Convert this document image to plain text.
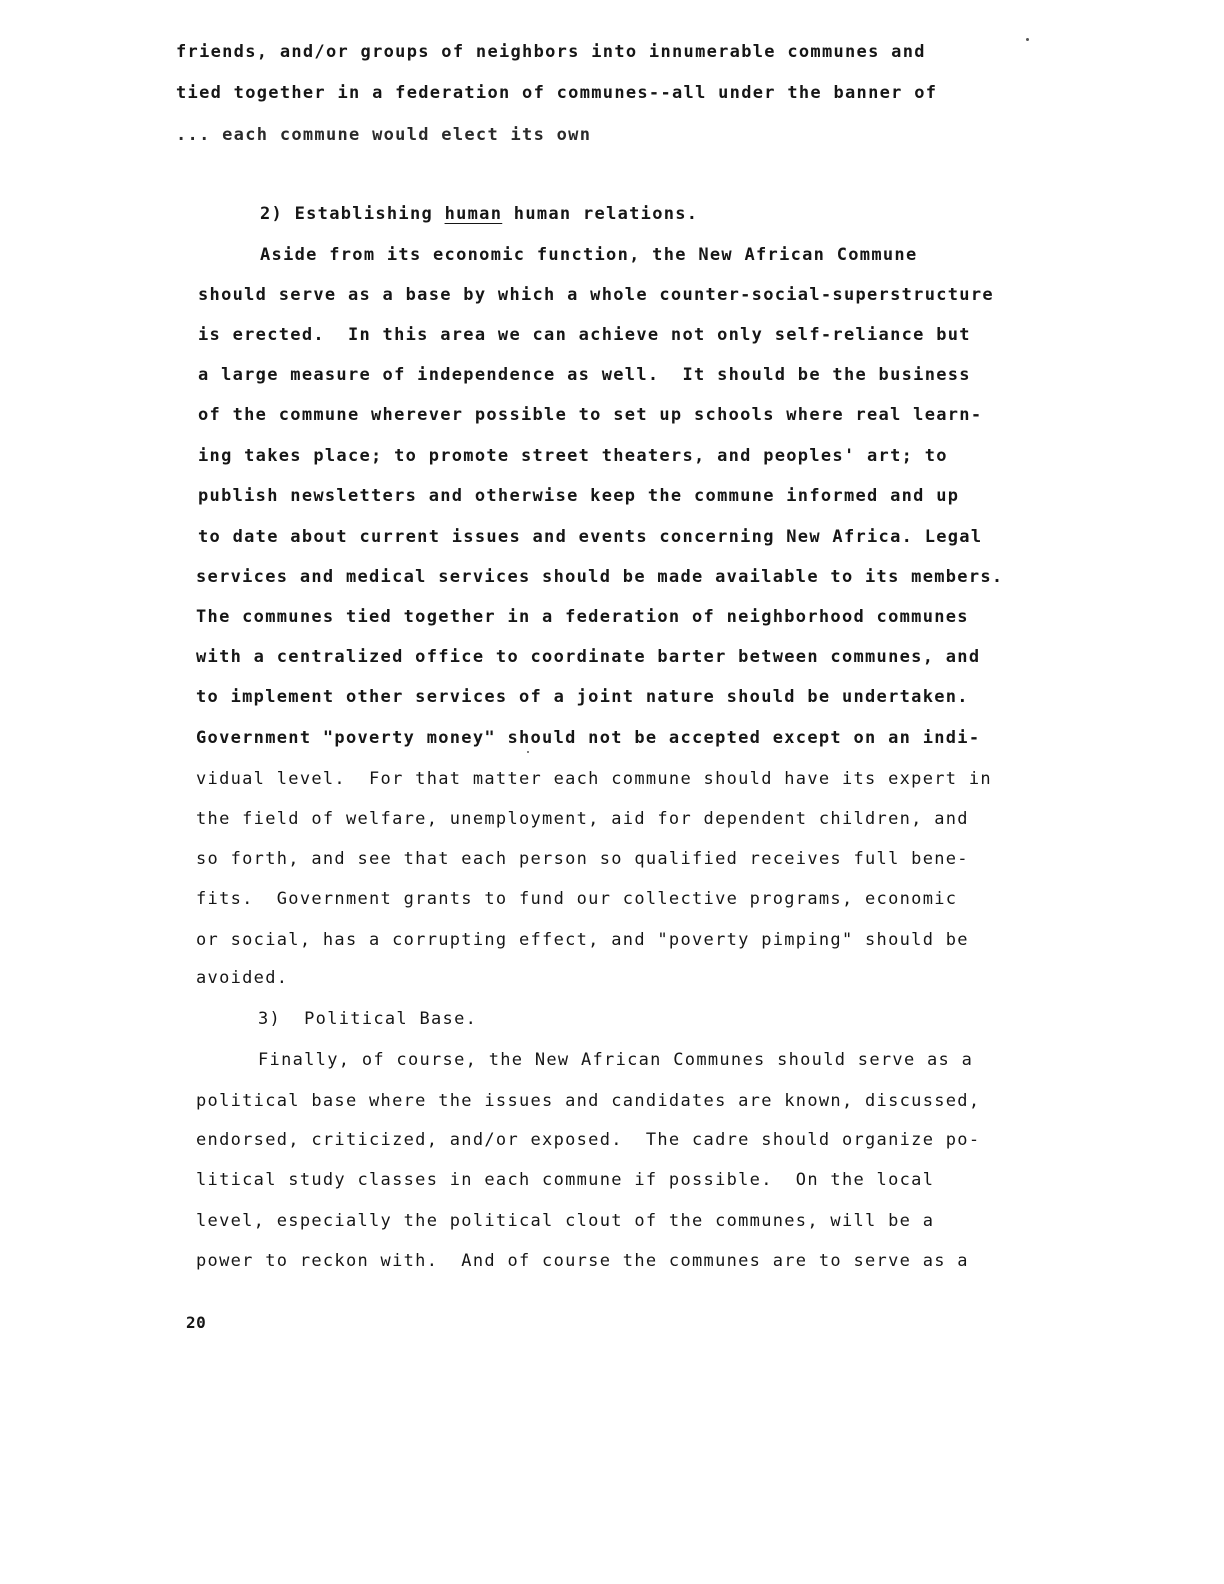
friends, and/or groups of neighbors into innumerable communes and
tied together in a federation of communes--all under the banner of
... each commune would elect its own
2) Establishing human human relations.
Aside from its economic function, the New African Commune
should serve as a base by which a whole counter-social-superstructure
is erected.  In this area we can achieve not only self-reliance but
a large measure of independence as well.  It should be the business
of the commune wherever possible to set up schools where real learn-
ing takes place; to promote street theaters, and peoples' art; to
publish newsletters and otherwise keep the commune informed and up
to date about current issues and events concerning New Africa. Legal
services and medical services should be made available to its members.
The communes tied together in a federation of neighborhood communes
with a centralized office to coordinate barter between communes, and
to implement other services of a joint nature should be undertaken.
Government "poverty money" should not be accepted except on an indi-
vidual level.  For that matter each commune should have its expert in
the field of welfare, unemployment, aid for dependent children, and
so forth, and see that each person so qualified receives full bene-
fits.  Government grants to fund our collective programs, economic
or social, has a corrupting effect, and "poverty pimping" should be
avoided.
3)  Political Base.
Finally, of course, the New African Communes should serve as a
political base where the issues and candidates are known, discussed,
endorsed, criticized, and/or exposed.  The cadre should organize po-
litical study classes in each commune if possible.  On the local
level, especially the political clout of the communes, will be a
power to reckon with.  And of course the communes are to serve as a
20
